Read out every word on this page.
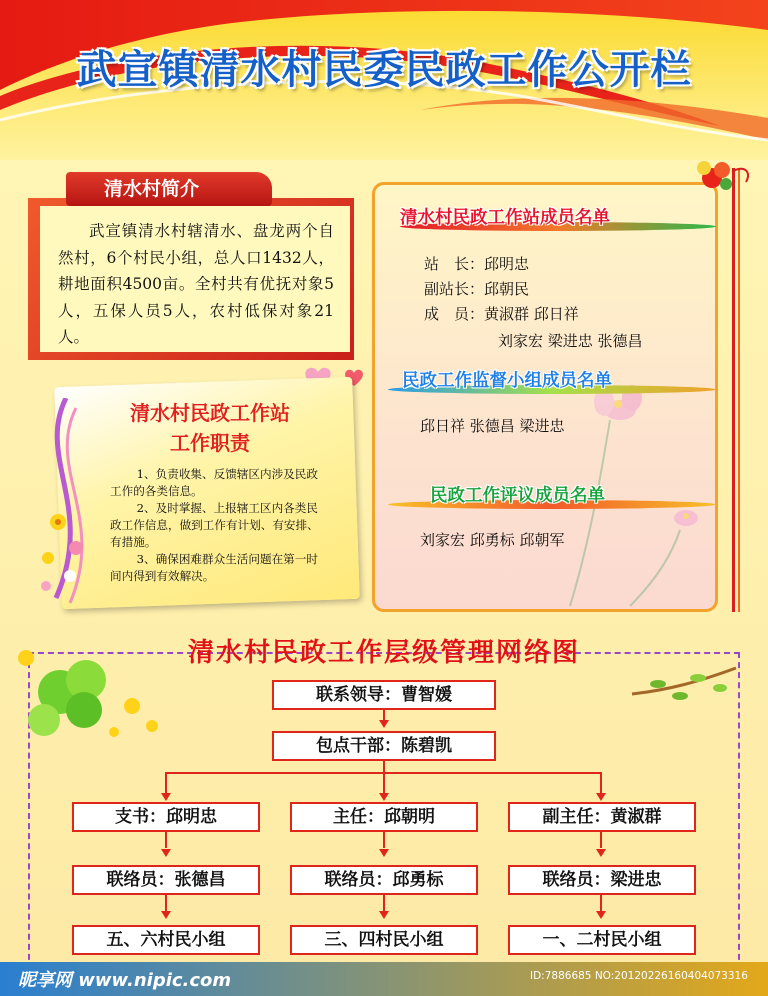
武宣镇清水村民委民政工作公开栏

武宣镇清水村辖清水、盘龙两个自然村，6个村民小组，总人口1432人，耕地面积4500亩。全村共有优抚对象5人，五保人员5人，农村低保对象21人。

清水村简介
清水村民政工作站
工作职责

1、负责收集、反馈辖区内涉及民政工作的各类信息。

2、及时掌握、上报辖工区内各类民政工作信息，做到工作有计划、有安排、有措施。

3、确保困难群众生活问题在第一时间内得到有效解决。

清水村民政工作站成员名单
站　长：邱明忠
副站长：邱朝民
成　员：黄淑群 邱日祥
刘家宏 梁进忠 张德昌
民政工作监督小组成员名单
邱日祥 张德昌 梁进忠
民政工作评议成员名单
刘家宏 邱勇标 邱朝军
清水村民政工作层级管理网络图
联系领导：曹智媛
包点干部：陈碧凯
支书：邱明忠
联络员：张德昌
五、六村民小组
主任：邱朝明
联络员：邱勇标
三、四村民小组
副主任：黄淑群
联络员：梁进忠
一、二村民小组
昵享网 www.nipic.com	ID:7886685 NO:20120226160404073316
